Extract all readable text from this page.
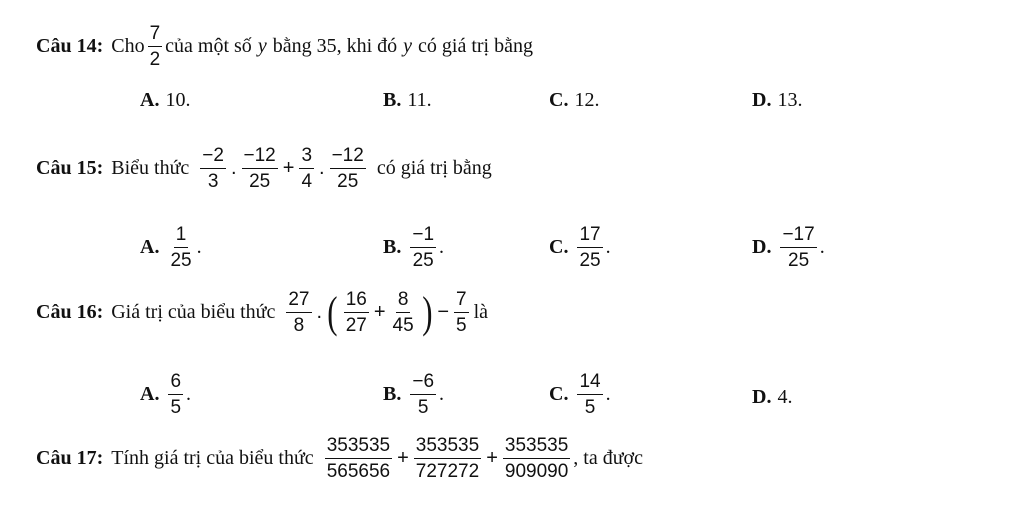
Câu 14: Cho $\frac{7}{2}$ của một số y bằng 35, khi đó y có giá trị bằng
A. 10.	B. 11.	C. 12.	D. 13.
Câu 15: Biểu thức $\frac{-2}{3}$ . $\frac{-12}{25} + \frac{3}{4}$ . $\frac{-12}{25}$ có giá trị bằng
A. $\frac{1}{25}$ .	B. $\frac{-1}{25}$ .	C. $\frac{17}{25}$ .	D. $\frac{-17}{25}$ .
Câu 16: Giá trị của biểu thức $\frac{27}{8}$ . ( $\frac{16}{27} + \frac{8}{45}$ ) − $\frac{7}{5}$ là
A. $\frac{6}{5}$ .	B. $\frac{-6}{5}$ .	C. $\frac{14}{5}$ .	D. 4.
Câu 17: Tính giá trị của biểu thức $\frac{353535}{565656} + \frac{353535}{727272} + \frac{353535}{909090}$ , ta được
